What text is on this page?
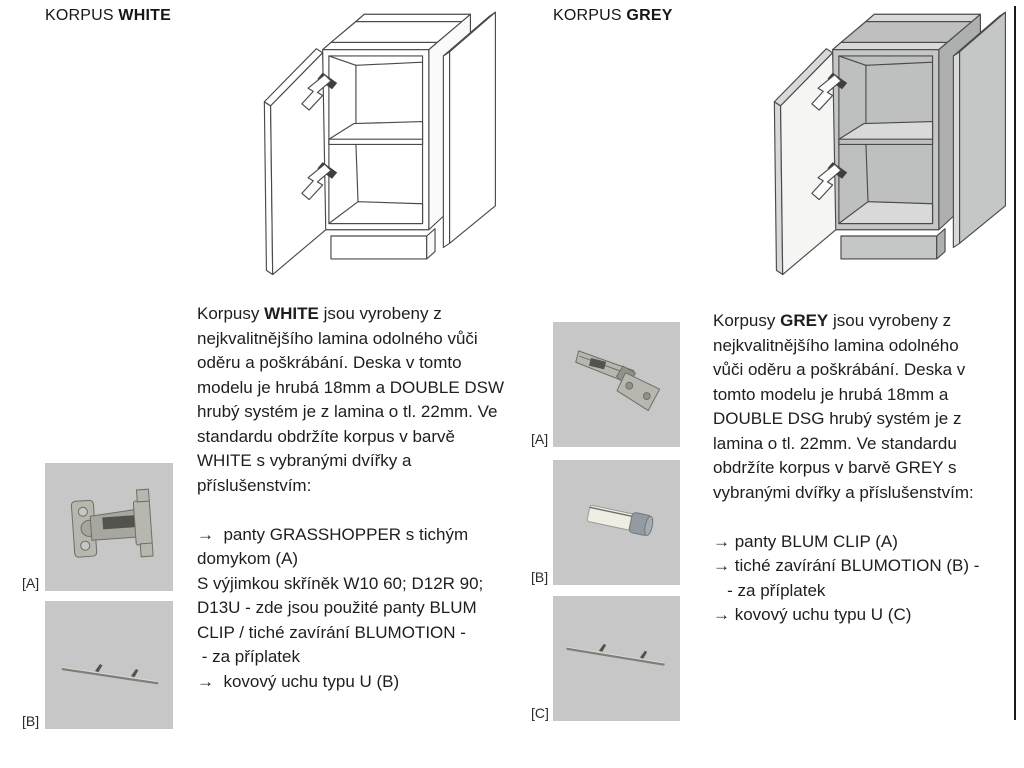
KORPUS WHITE
Korpusy WHITE jsou vyrobeny z
nejkvalitnějšího lamina odolného vůči
oděru a poškrábání. Deska v tomto
modelu je hrubá 18mm a DOUBLE DSW
hrubý systém je z lamina o tl. 22mm. Ve
standardu obdržíte korpus v barvě
WHITE s vybranými dvířky a
příslušenstvím:

→  panty GRASSHOPPER s tichým
domykom (A)
S výjimkou skříněk W10 60; D12R 90;
D13U - zde jsou použité panty BLUM
CLIP / tiché zavírání BLUMOTION -
- za příplatek
→  kovový uchu typu U (B)
[A]
[B]
KORPUS GREY
[A]
[B]
[C]
Korpusy GREY jsou vyrobeny z
nejkvalitnějšího lamina odolného
vůči oděru a poškrábání. Deska v
tomto modelu je hrubá 18mm a
DOUBLE DSG hrubý systém je z
lamina o tl. 22mm. Ve standardu
obdržíte korpus v barvě GREY s
vybranými dvířky a příslušenstvím:

→ panty BLUM CLIP (A)
→ tiché zavírání BLUMOTION (B) -
- za příplatek
→ kovový uchu typu U (C)
